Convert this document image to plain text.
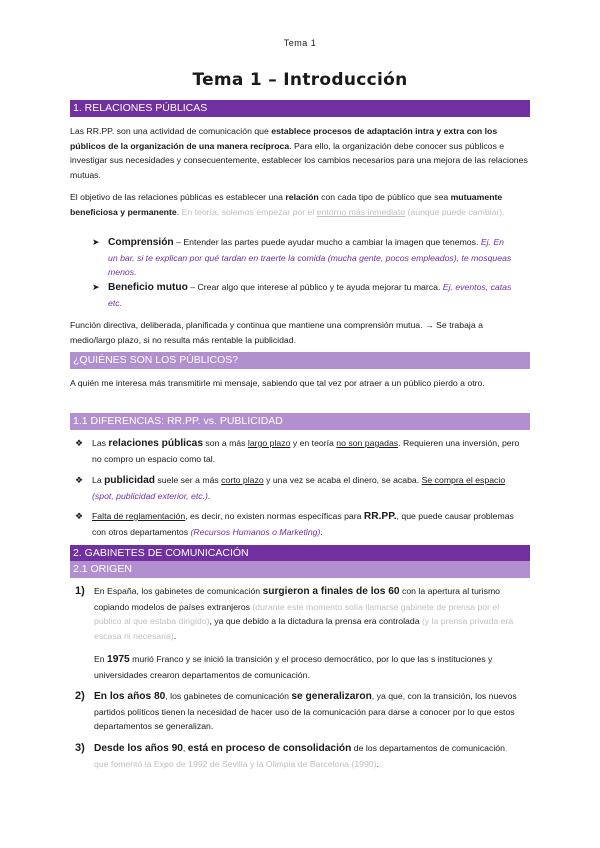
Tema 1
Tema 1 – Introducción
1. RELACIONES PÚBLICAS
Las RR.PP. son una actividad de comunicación que establece procesos de adaptación intra y extra con los públicos de la organización de una manera recíproca. Para ello, la organización debe conocer sus públicos e investigar sus necesidades y consecuentemente, establecer los cambios necesarios para una mejora de las relaciones mutuas.
El objetivo de las relaciones públicas es establecer una relación con cada tipo de público que sea mutuamente beneficiosa y permanente. En teoría, solemos empezar por el entorno más inmediato (aunque puede cambiar).
➤ Comprensión – Entender las partes puede ayudar mucho a cambiar la imagen que tenemos. Ej. En un bar, si te explican por qué tardan en traerte la comida (mucha gente, pocos empleados), te mosqueas menos.
➤ Beneficio mutuo – Crear algo que interese al público y te ayuda mejorar tu marca. Ej. eventos, catas etc.
Función directiva, deliberada, planificada y continua que mantiene una comprensión mutua. → Se trabaja a medio/largo plazo, si no resulta más rentable la publicidad.
¿QUIÉNES SON LOS PÚBLICOS?
A quién me interesa más transmitirle mi mensaje, sabiendo que tal vez por atraer a un público pierdo a otro.
1.1 DIFERENCIAS: RR.PP. vs. PUBLICIDAD
❖ Las relaciones públicas son a más largo plazo y en teoría no son pagadas. Requieren una inversión, pero no compro un espacio como tal.
❖ La publicidad suele ser a más corto plazo y una vez se acaba el dinero, se acaba. Se compra el espacio (spot, publicidad exterior, etc.).
❖ Falta de reglamentación, es decir, no existen normas específicas para RR.PP., que puede causar problemas con otros departamentos (Recursos Humanos o Marketing).
2. GABINETES DE COMUNICACIÓN
2.1 ORIGEN
1) En España, los gabinetes de comunicación surgieron a finales de los 60 con la apertura al turismo copiando modelos de países extranjeros (durante este momento solía llamarse gabinete de prensa por el público al que estaba dirigido), ya que debido a la dictadura la prensa era controlada (y la prensa privada era escasa ni necesaria).
En 1975 murió Franco y se inició la transición y el proceso democrático, por lo que las s instituciones y universidades crearon departamentos de comunicación.
2) En los años 80, los gabinetes de comunicación se generalizaron, ya que, con la transición, los nuevos partidos políticos tienen la necesidad de hacer uso de la comunicación para darse a conocer por lo que estos departamentos se generalizan.
3) Desde los años 90, está en proceso de consolidación de los departamentos de comunicación, que fomentó la Expo de 1992 de Sevilla y la Olimpia de Barcelona (1990).
